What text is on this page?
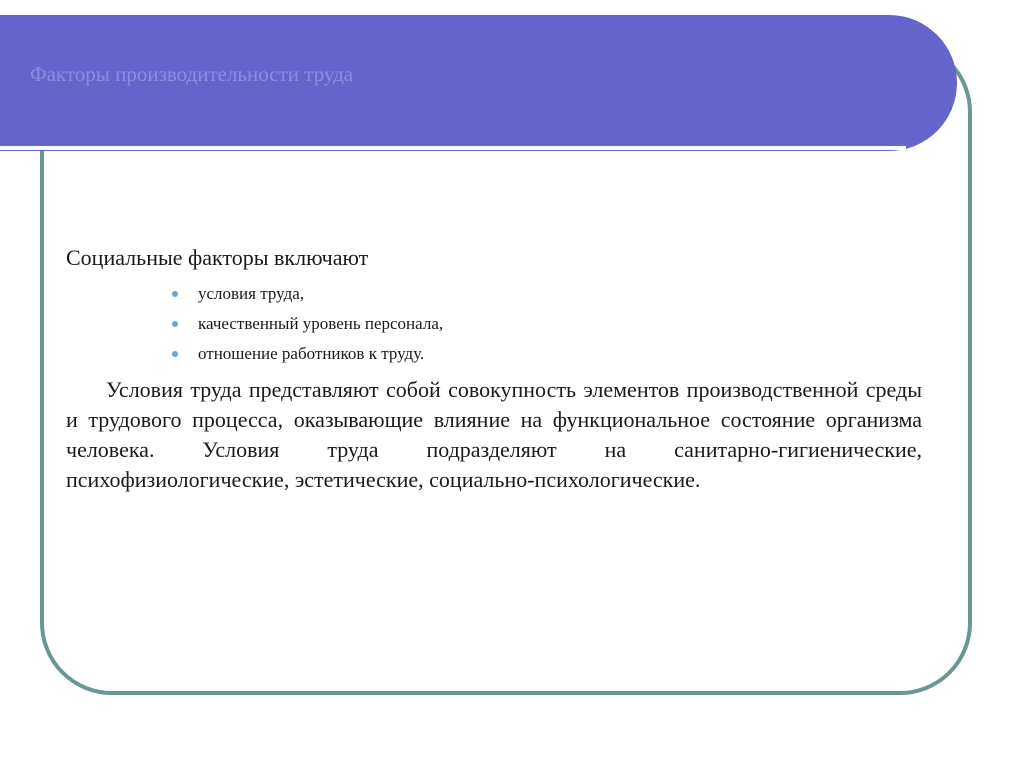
Факторы производительности труда
Социальные факторы включают
условия труда,
качественный уровень персонала,
отношение работников к труду.
Условия труда представляют собой совокупность элементов производственной среды и трудового процесса, оказывающие влияние на функциональное состояние организма человека. Условия труда подразделяют на санитарно-гигиенические, психофизиологические, эстетические, социально-психологические.
